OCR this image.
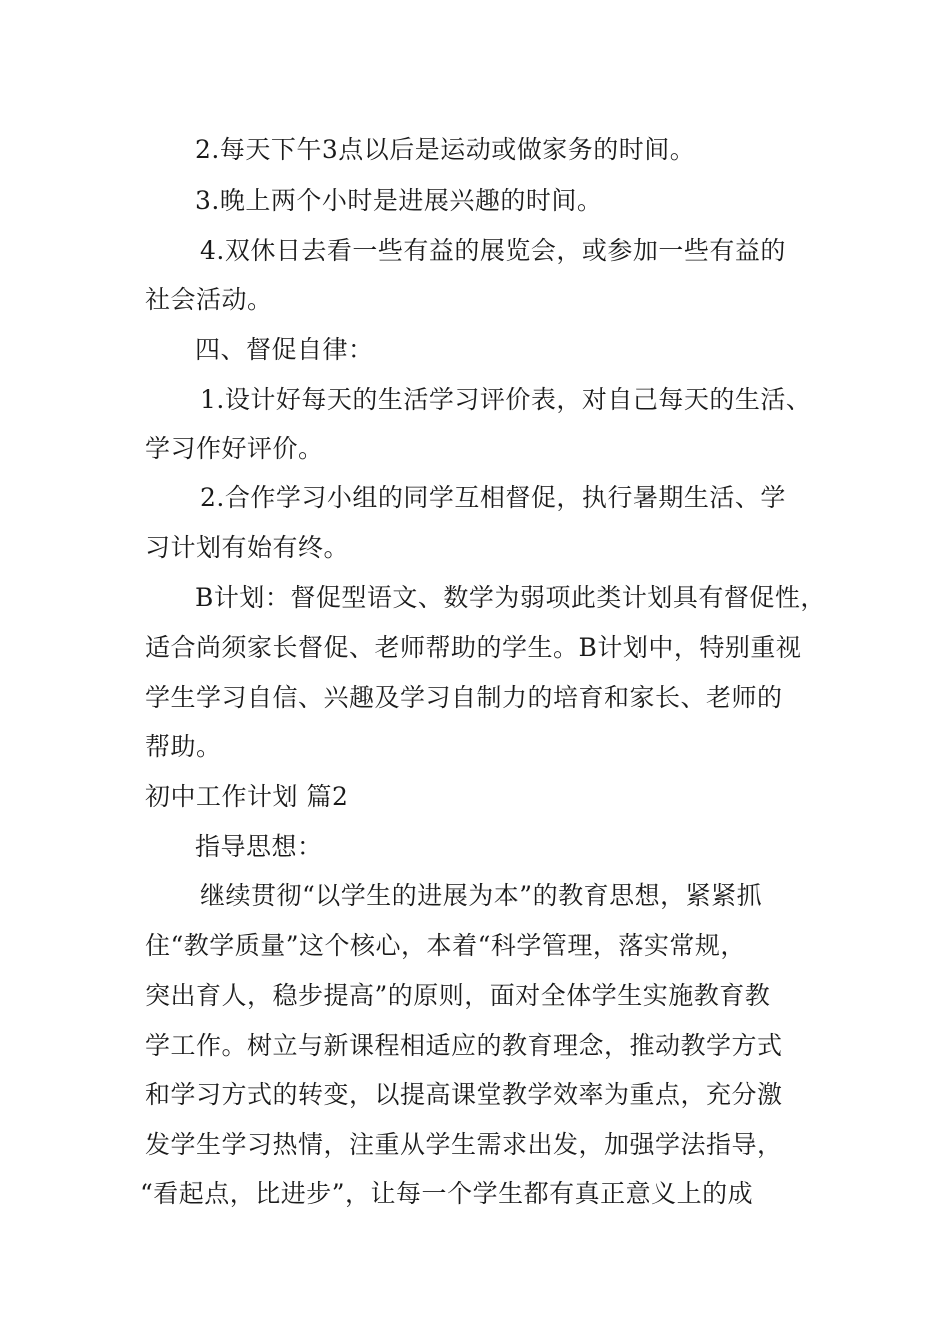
2.每天下午3点以后是运动或做家务的时间。
3.晚上两个小时是进展兴趣的时间。
4.双休日去看一些有益的展览会，或参加一些有益的
社会活动。
四、督促自律：
1.设计好每天的生活学习评价表，对自己每天的生活、
学习作好评价。
2.合作学习小组的同学互相督促，执行暑期生活、学
习计划有始有终。
B计划：督促型语文、数学为弱项此类计划具有督促性，
适合尚须家长督促、老师帮助的学生。B计划中，特别重视
学生学习自信、兴趣及学习自制力的培育和家长、老师的
帮助。
初中工作计划 篇2
指导思想：
继续贯彻“以学生的进展为本”的教育思想，紧紧抓
住“教学质量”这个核心，本着“科学管理，落实常规，
突出育人，稳步提高”的原则，面对全体学生实施教育教
学工作。树立与新课程相适应的教育理念，推动教学方式
和学习方式的转变，以提高课堂教学效率为重点，充分激
发学生学习热情，注重从学生需求出发，加强学法指导，
“看起点，比进步”，让每一个学生都有真正意义上的成
